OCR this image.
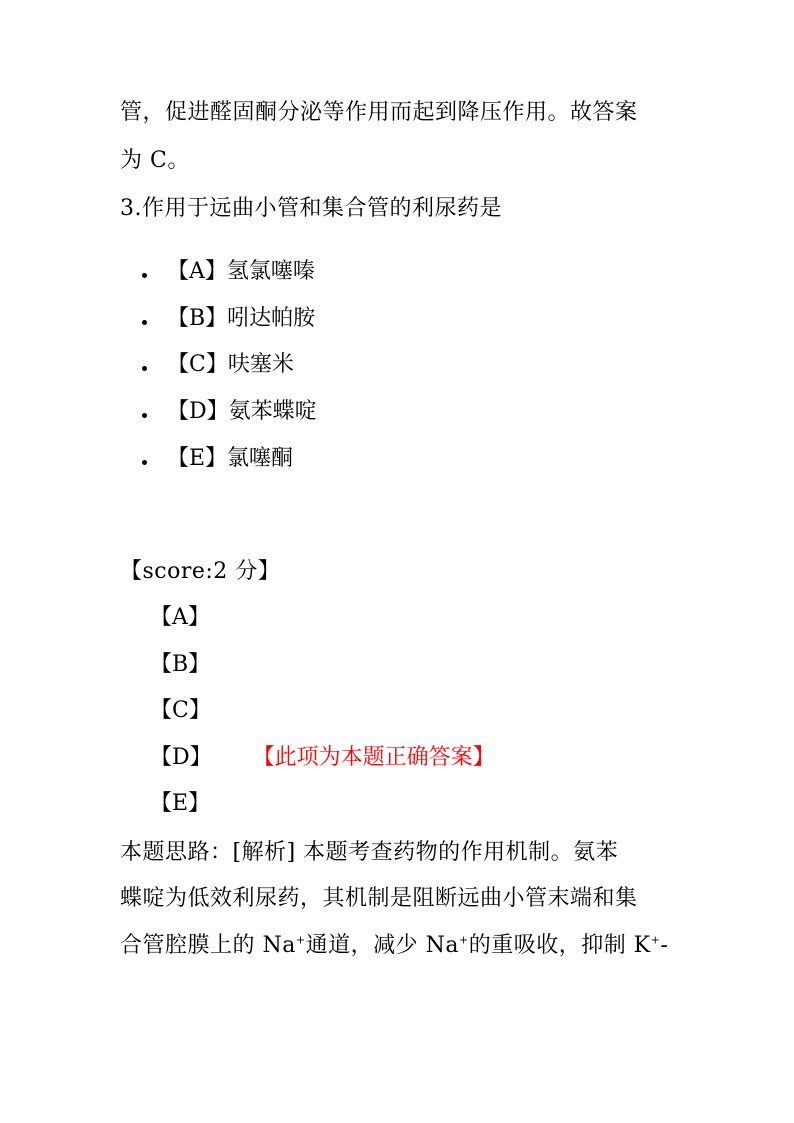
管，促进醛固酮分泌等作用而起到降压作用。故答案
为 C。
3.作用于远曲小管和集合管的利尿药是
【A】氢氯噻嗪
【B】吲达帕胺
【C】呋塞米
【D】氨苯蝶啶
【E】氯噻酮
【score:2 分】
【A】
【B】
【C】
【D】 【此项为本题正确答案】
【E】
本题思路：[解析] 本题考查药物的作用机制。氨苯
蝶啶为低效利尿药，其机制是阻断远曲小管末端和集
合管腔膜上的 Na+通道，减少 Na+的重吸收，抑制 K+-
